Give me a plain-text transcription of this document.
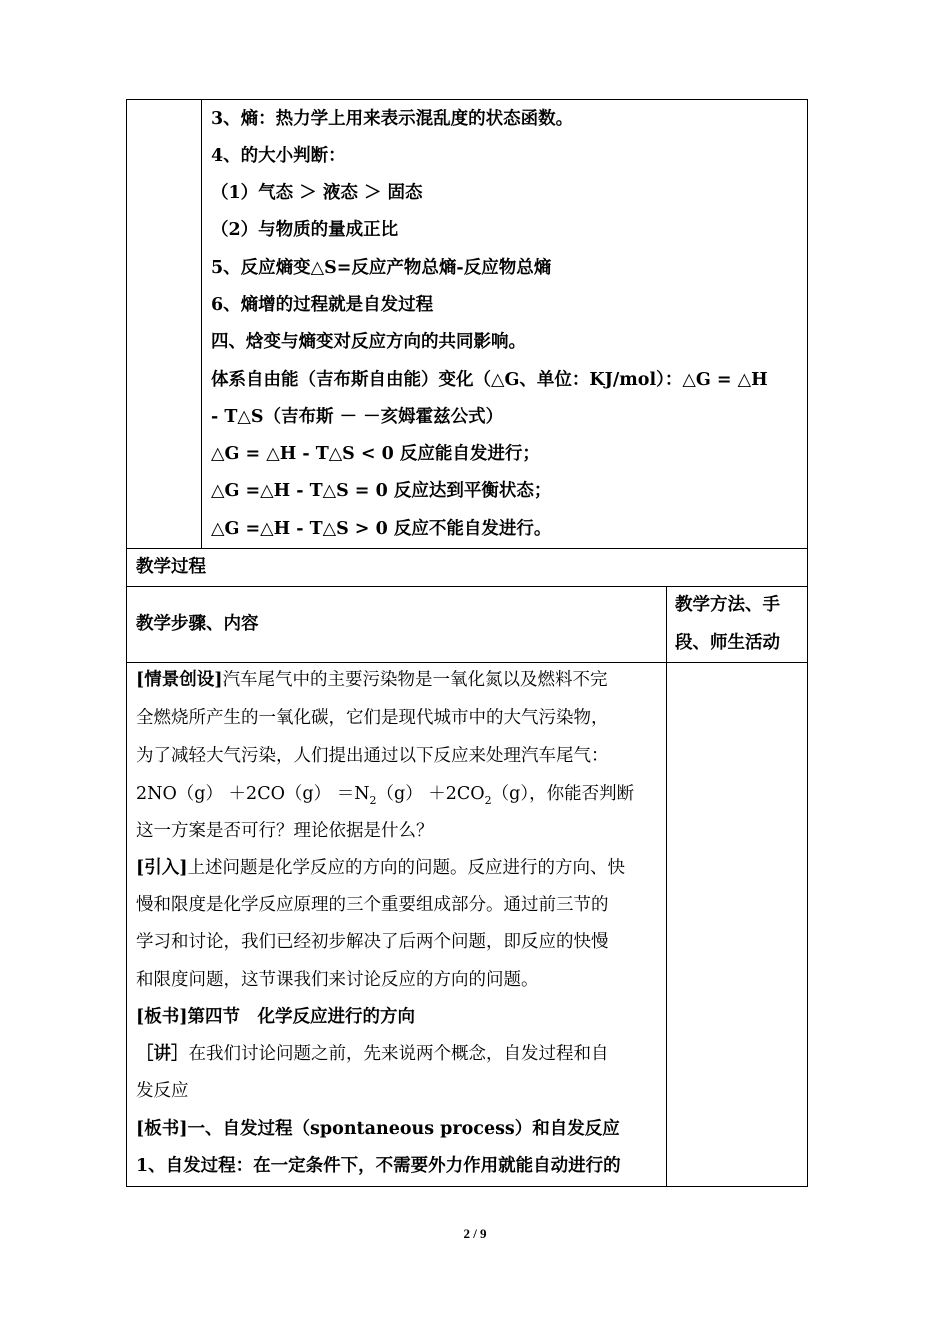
3、熵：热力学上用来表示混乱度的状态函数。
4、的大小判断：
（1）气态 ＞ 液态 ＞ 固态
（2）与物质的量成正比
5、反应熵变△S=反应产物总熵-反应物总熵
6、熵增的过程就是自发过程
四、焓变与熵变对反应方向的共同影响。
体系自由能（吉布斯自由能）变化（△G、单位：KJ/mol）：△G = △H
- T△S（吉布斯 － －亥姆霍兹公式）
△G = △H - T△S < 0 反应能自发进行；
△G =△H - T△S = 0 反应达到平衡状态；
△G =△H - T△S > 0 反应不能自发进行。
教学过程
教学步骤、内容
教学方法、手
段、师生活动
[情景创设]汽车尾气中的主要污染物是一氧化氮以及燃料不完
全燃烧所产生的一氧化碳，它们是现代城市中的大气污染物，
为了减轻大气污染，人们提出通过以下反应来处理汽车尾气：
$2NO(g) +2CO(g) =N_2(g) +2CO_2(g)$，你能否判断
这一方案是否可行？理论依据是什么？
[引入]上述问题是化学反应的方向的问题。反应进行的方向、快
慢和限度是化学反应原理的三个重要组成部分。通过前三节的
学习和讨论，我们已经初步解决了后两个问题，即反应的快慢
和限度问题，这节课我们来讨论反应的方向的问题。
[板书]第四节　化学反应进行的方向
［讲］在我们讨论问题之前，先来说两个概念，自发过程和自
发反应
[板书]一、自发过程（spontaneous process）和自发反应
1、自发过程：在一定条件下，不需要外力作用就能自动进行的
2 / 9
